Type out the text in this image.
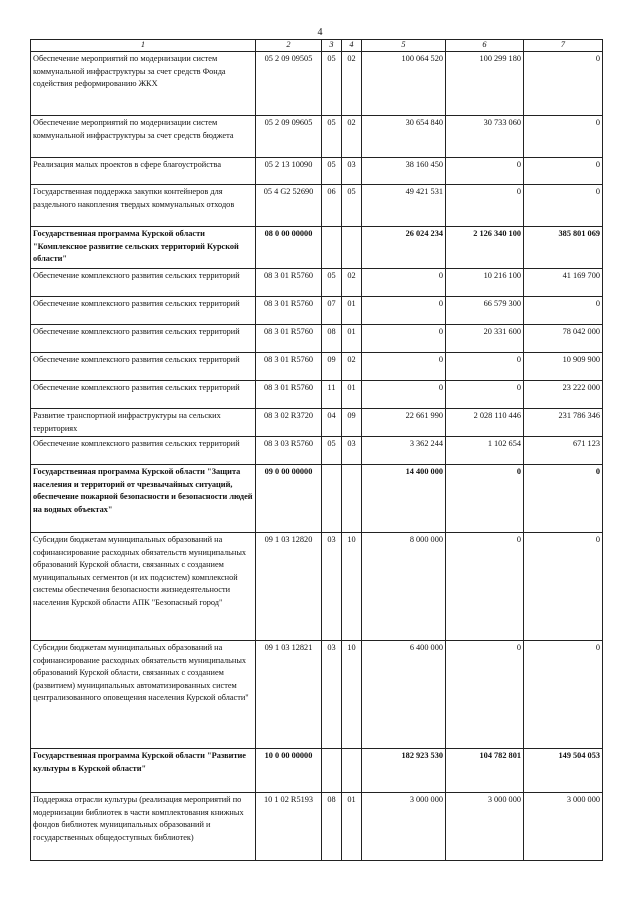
4
1	2	3	4	5	6	7
Обеспечение мероприятий по модернизации систем коммунальной инфраструктуры за счет средств Фонда содействия реформированию ЖКХ	05 2 09 09505	05	02	100 064 520	100 299 180	0
Обеспечение мероприятий по модернизации систем коммунальной инфраструктуры за счет средств бюджета	05 2 09 09605	05	02	30 654 840	30 733 060	0
Реализация малых проектов в сфере благоустройства	05 2 13 10090	05	03	38 160 450	0	0
Государственная поддержка закупки контейнеров для раздельного накопления твердых коммунальных отходов	05 4 G2 52690	06	05	49 421 531	0	0
Государственная программа Курской области "Комплексное развитие сельских территорий Курской области"	08 0 00 00000			26 024 234	2 126 340 100	385 801 069
Обеспечение комплексного развития сельских территорий	08 3 01 R5760	05	02	0	10 216 100	41 169 700
Обеспечение комплексного развития сельских территорий	08 3 01 R5760	07	01	0	66 579 300	0
Обеспечение комплексного развития сельских территорий	08 3 01 R5760	08	01	0	20 331 600	78 042 000
Обеспечение комплексного развития сельских территорий	08 3 01 R5760	09	02	0	0	10 909 900
Обеспечение комплексного развития сельских территорий	08 3 01 R5760	11	01	0	0	23 222 000
Развитие транспортной инфраструктуры на сельских территориях	08 3 02 R3720	04	09	22 661 990	2 028 110 446	231 786 346
Обеспечение комплексного развития сельских территорий	08 3 03 R5760	05	03	3 362 244	1 102 654	671 123
Государственная программа Курской области "Защита населения и территорий от чрезвычайных ситуаций, обеспечение пожарной безопасности и безопасности людей на водных объектах"	09 0 00 00000			14 400 000	0	0
Субсидии бюджетам муниципальных образований на софинансирование расходных обязательств муниципальных образований Курской области, связанных с созданием муниципальных сегментов (и их подсистем) комплексной системы обеспечения безопасности жизнедеятельности населения Курской области АПК "Безопасный город"	09 1 03 12820	03	10	8 000 000	0	0
Субсидии бюджетам муниципальных образований на софинансирование расходных обязательств муниципальных образований Курской области, связанных с созданием (развитием) муниципальных автоматизированных систем централизованного оповещения населения Курской области"	09 1 03 12821	03	10	6 400 000	0	0
Государственная программа Курской области "Развитие культуры в Курской области"	10 0 00 00000			182 923 530	104 782 801	149 504 053
Поддержка отрасли культуры (реализация мероприятий по модернизации библиотек в части комплектования книжных фондов библиотек муниципальных образований и государственных общедоступных библиотек)	10 1 02 R5193	08	01	3 000 000	3 000 000	3 000 000
